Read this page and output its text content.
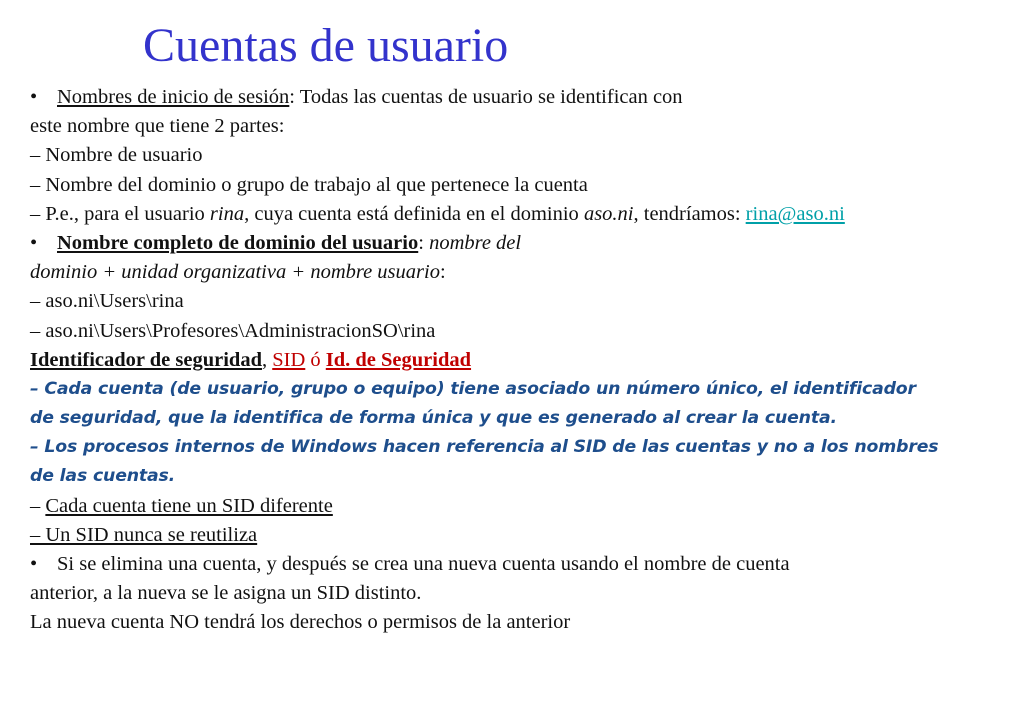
Cuentas de usuario
• Nombres de inicio de sesión: Todas las cuentas de usuario se identifican con
este nombre que tiene 2 partes:
– Nombre de usuario
– Nombre del dominio o grupo de trabajo al que pertenece la cuenta
– P.e., para el usuario rina, cuya cuenta está definida en el dominio aso.ni, tendríamos: rina@aso.ni
• Nombre completo de dominio del usuario: nombre del
dominio + unidad organizativa + nombre usuario:
– aso.ni\Users\rina
– aso.ni\Users\Profesores\AdministracionSO\rina
Identificador de seguridad, SID ó Id. de Seguridad
– Cada cuenta (de usuario, grupo o equipo) tiene asociado un número único, el identificador
de seguridad, que la identifica de forma única y que es generado al crear la cuenta.
– Los procesos internos de Windows hacen referencia al SID de las cuentas y no a los nombres
de las cuentas.
– Cada cuenta tiene un SID diferente
– Un SID nunca se reutiliza
• Si se elimina una cuenta, y después se crea una nueva cuenta usando el nombre de cuenta
anterior, a la nueva se le asigna un SID distinto.
La nueva cuenta NO tendrá los derechos o permisos de la anterior
